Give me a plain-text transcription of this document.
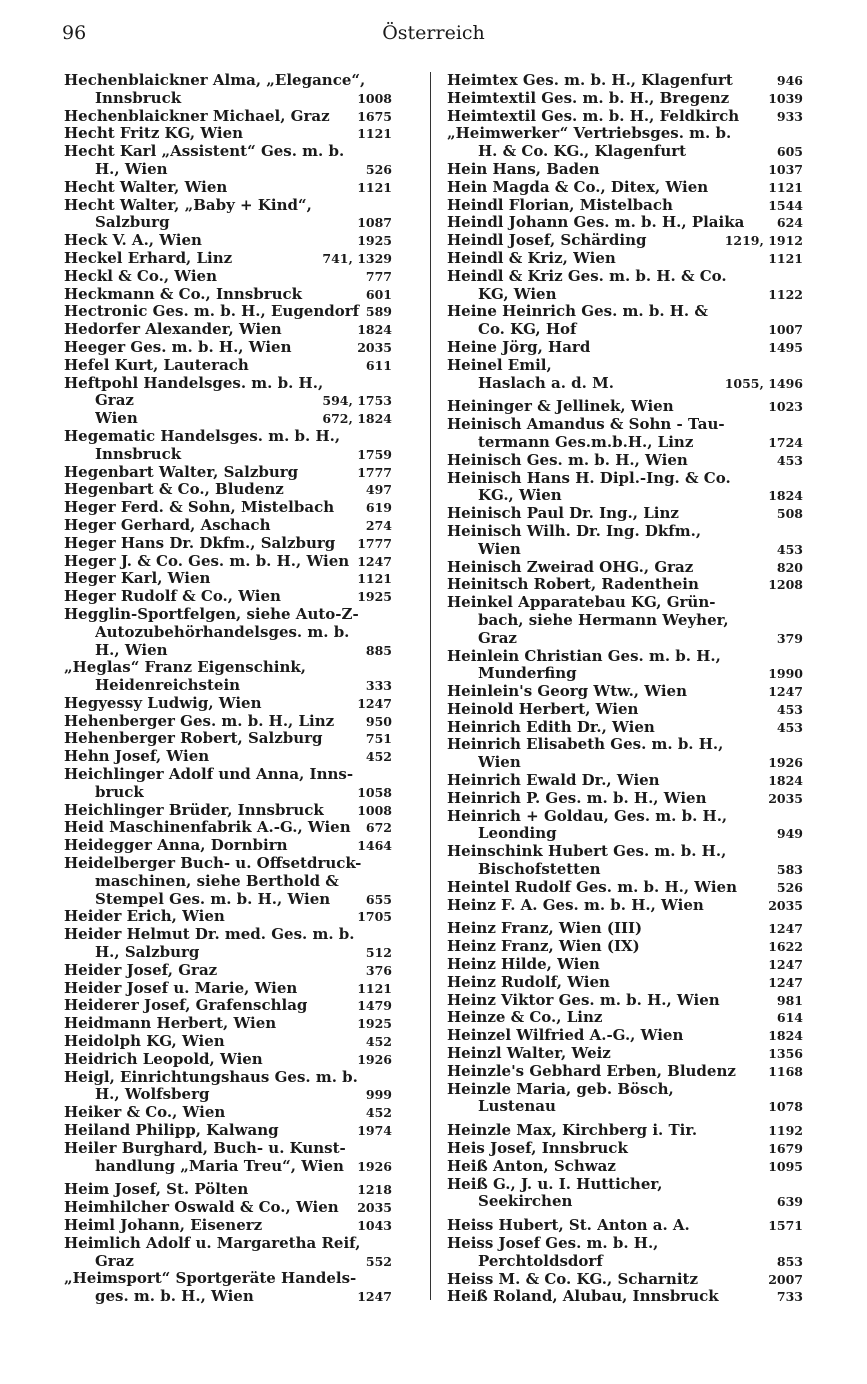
96	Österreich
Hechenblaickner Alma, „Elegance“,
Innsbruck	1008
Hechenblaickner Michael, Graz	1675
Hecht Fritz KG, Wien	1121
Hecht Karl „Assistent“ Ges. m. b.
H., Wien	526
Hecht Walter, Wien	1121
Hecht Walter, „Baby + Kind“,
Salzburg	1087
Heck V. A., Wien	1925
Heckel Erhard, Linz	741, 1329
Heckl & Co., Wien	777
Heckmann & Co., Innsbruck	601
Hectronic Ges. m. b. H., Eugendorf 589
Hedorfer Alexander, Wien	1824
Heeger Ges. m. b. H., Wien	2035
Hefel Kurt, Lauterach	611
Heftpohl Handelsges. m. b. H.,
Graz	594, 1753
Wien	672, 1824
Hegematic Handelsges. m. b. H.,
Innsbruck	1759
Hegenbart Walter, Salzburg	1777
Hegenbart & Co., Bludenz	497
Heger Ferd. & Sohn, Mistelbach	619
Heger Gerhard, Aschach	274
Heger Hans Dr. Dkfm., Salzburg	1777
Heger J. & Co. Ges. m. b. H., Wien 1247
Heger Karl, Wien	1121
Heger Rudolf & Co., Wien	1925
Hegglin-Sportfelgen, siehe Auto-Z-
Autozubehörhandelsges. m. b.
H., Wien	885
„Heglas“ Franz Eigenschink,
Heidenreichstein	333
Hegyessy Ludwig, Wien	1247
Hehenberger Ges. m. b. H., Linz	950
Hehenberger Robert, Salzburg	751
Hehn Josef, Wien	452
Heichlinger Adolf und Anna, Inns-
bruck	1058
Heichlinger Brüder, Innsbruck	1008
Heid Maschinenfabrik A.-G., Wien	672
Heidegger Anna, Dornbirn	1464
Heidelberger Buch- u. Offsetdruck-
maschinen, siehe Berthold &
Stempel Ges. m. b. H., Wien	655
Heider Erich, Wien	1705
Heider Helmut Dr. med. Ges. m. b.
H., Salzburg	512
Heider Josef, Graz	376
Heider Josef u. Marie, Wien	1121
Heiderer Josef, Grafenschlag	1479
Heidmann Herbert, Wien	1925
Heidolph KG, Wien	452
Heidrich Leopold, Wien	1926
Heigl, Einrichtungshaus Ges. m. b.
H., Wolfsberg	999
Heiker & Co., Wien	452
Heiland Philipp, Kalwang	1974
Heiler Burghard, Buch- u. Kunst-
handlung „Maria Treu“, Wien	1926
Heim Josef, St. Pölten	1218
Heimhilcher Oswald & Co., Wien	2035
Heiml Johann, Eisenerz	1043
Heimlich Adolf u. Margaretha Reif,
Graz	552
„Heimsport“ Sportgeräte Handels-
ges. m. b. H., Wien	1247
Heimtex Ges. m. b. H., Klagenfurt	946
Heimtextil Ges. m. b. H., Bregenz	1039
Heimtextil Ges. m. b. H., Feldkirch	933
„Heimwerker“ Vertriebsges. m. b.
H. & Co. KG., Klagenfurt	605
Hein Hans, Baden	1037
Hein Magda & Co., Ditex, Wien	1121
Heindl Florian, Mistelbach	1544
Heindl Johann Ges. m. b. H., Plaika	624
Heindl Josef, Schärding	1219, 1912
Heindl & Kriz, Wien	1121
Heindl & Kriz Ges. m. b. H. & Co.
KG, Wien	1122
Heine Heinrich Ges. m. b. H. &
Co. KG, Hof	1007
Heine Jörg, Hard	1495
Heinel Emil,
Haslach a. d. M.	1055, 1496
Heininger & Jellinek, Wien	1023
Heinisch Amandus & Sohn - Tau-
termann Ges.m.b.H., Linz	1724
Heinisch Ges. m. b. H., Wien	453
Heinisch Hans H. Dipl.-Ing. & Co.
KG., Wien	1824
Heinisch Paul Dr. Ing., Linz	508
Heinisch Wilh. Dr. Ing. Dkfm.,
Wien	453
Heinisch Zweirad OHG., Graz	820
Heinitsch Robert, Radenthein	1208
Heinkel Apparatebau KG, Grün-
bach, siehe Hermann Weyher,
Graz	379
Heinlein Christian Ges. m. b. H.,
Munderfing	1990
Heinlein's Georg Wtw., Wien	1247
Heinold Herbert, Wien	453
Heinrich Edith Dr., Wien	453
Heinrich Elisabeth Ges. m. b. H.,
Wien	1926
Heinrich Ewald Dr., Wien	1824
Heinrich P. Ges. m. b. H., Wien	2035
Heinrich + Goldau, Ges. m. b. H.,
Leonding	949
Heinschink Hubert Ges. m. b. H.,
Bischofstetten	583
Heintel Rudolf Ges. m. b. H., Wien	526
Heinz F. A. Ges. m. b. H., Wien	2035
Heinz Franz, Wien (III)	1247
Heinz Franz, Wien (IX)	1622
Heinz Hilde, Wien	1247
Heinz Rudolf, Wien	1247
Heinz Viktor Ges. m. b. H., Wien	981
Heinze & Co., Linz	614
Heinzel Wilfried A.-G., Wien	1824
Heinzl Walter, Weiz	1356
Heinzle's Gebhard Erben, Bludenz	1168
Heinzle Maria, geb. Bösch,
Lustenau	1078
Heinzle Max, Kirchberg i. Tir.	1192
Heis Josef, Innsbruck	1679
Heiß Anton, Schwaz	1095
Heiß G., J. u. I. Hutticher,
Seekirchen	639
Heiss Hubert, St. Anton a. A.	1571
Heiss Josef Ges. m. b. H.,
Perchtoldsdorf	853
Heiss M. & Co. KG., Scharnitz	2007
Heiß Roland, Alubau, Innsbruck	733
